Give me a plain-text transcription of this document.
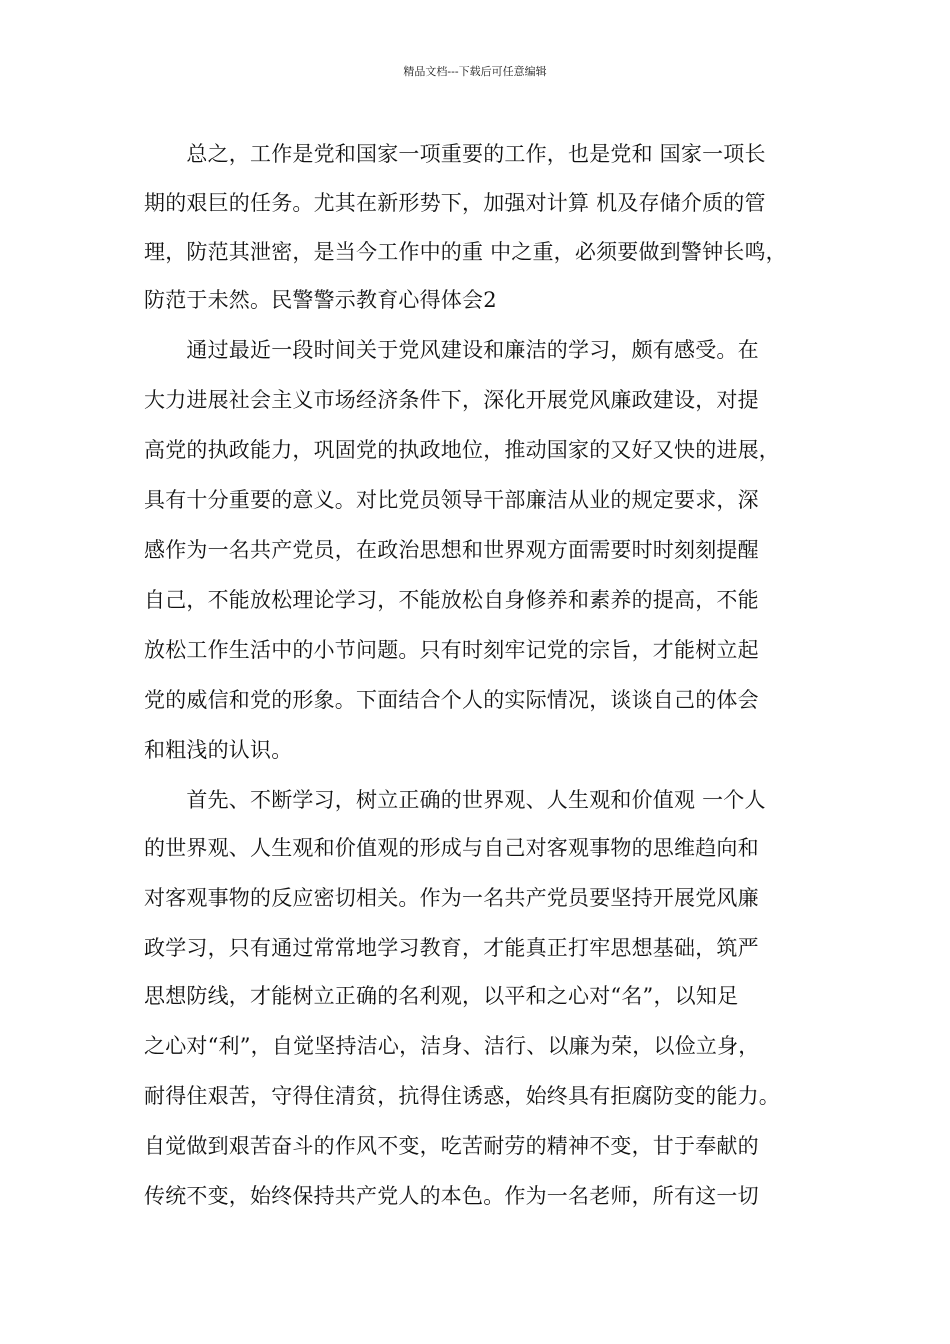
精品文档---下载后可任意编辑
　　总之，工作是党和国家一项重要的工作，也是党和 国家一项长
期的艰巨的任务。尤其在新形势下，加强对计算 机及存储介质的管
理，防范其泄密，是当今工作中的重 中之重，必须要做到警钟长鸣，
防范于未然。民警警示教育心得体会2
　　通过最近一段时间关于党风建设和廉洁的学习，颇有感受。在
大力进展社会主义市场经济条件下，深化开展党风廉政建设，对提
高党的执政能力，巩固党的执政地位，推动国家的又好又快的进展，
具有十分重要的意义。对比党员领导干部廉洁从业的规定要求，深
感作为一名共产党员，在政治思想和世界观方面需要时时刻刻提醒
自己，不能放松理论学习，不能放松自身修养和素养的提高，不能
放松工作生活中的小节问题。只有时刻牢记党的宗旨，才能树立起
党的威信和党的形象。下面结合个人的实际情况，谈谈自己的体会
和粗浅的认识。
　　首先、不断学习，树立正确的世界观、人生观和价值观 一个人
的世界观、人生观和价值观的形成与自己对客观事物的思维趋向和
对客观事物的反应密切相关。作为一名共产党员要坚持开展党风廉
政学习，只有通过常常地学习教育，才能真正打牢思想基础，筑严
思想防线，才能树立正确的名利观，以平和之心对“名”，以知足
之心对“利”，自觉坚持洁心，洁身、洁行、以廉为荣，以俭立身，
耐得住艰苦，守得住清贫，抗得住诱惑，始终具有拒腐防变的能力。
自觉做到艰苦奋斗的作风不变，吃苦耐劳的精神不变，甘于奉献的
传统不变，始终保持共产党人的本色。作为一名老师，所有这一切
